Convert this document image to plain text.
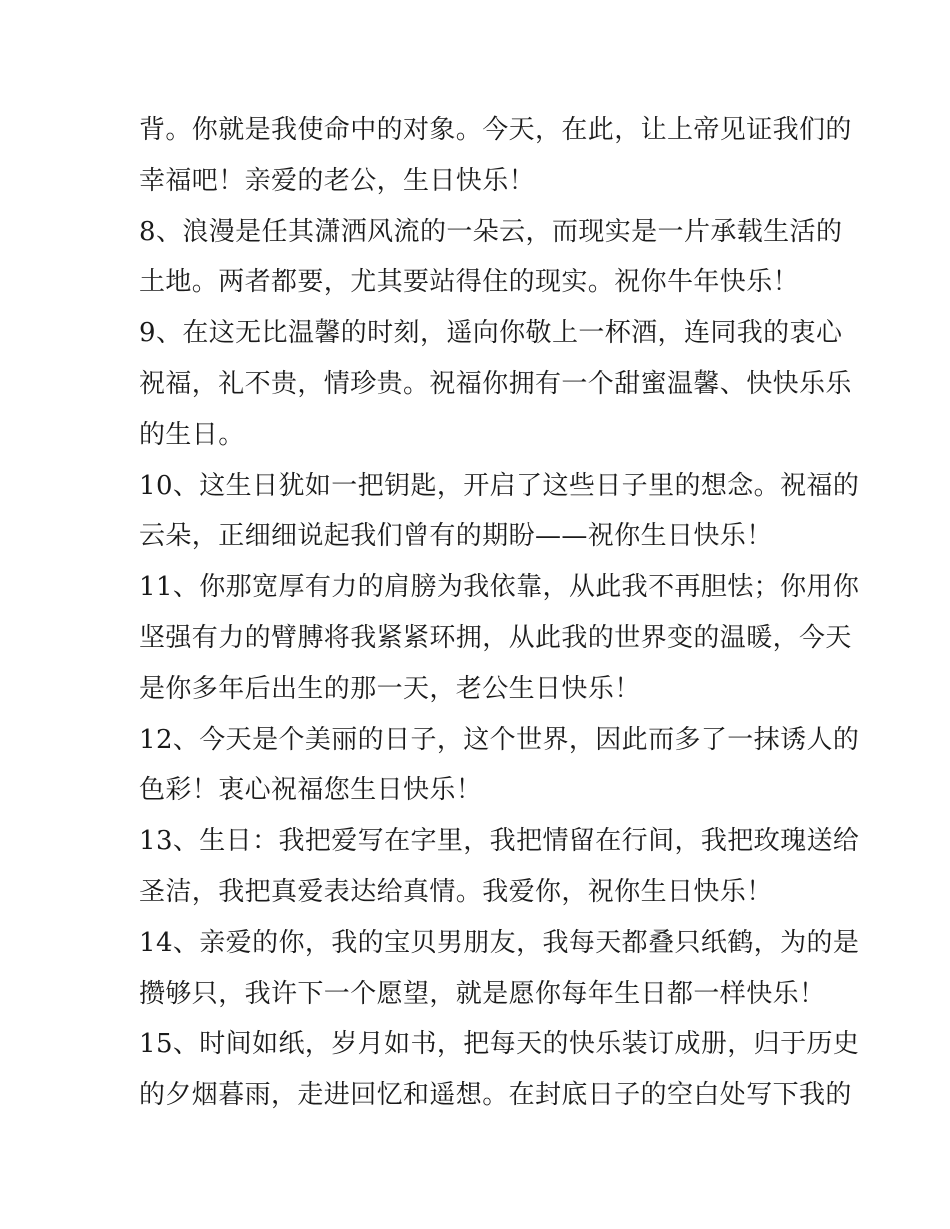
背。你就是我使命中的对象。今天，在此，让上帝见证我们的
幸福吧！亲爱的老公，生日快乐！
8、浪漫是任其潇洒风流的一朵云，而现实是一片承载生活的
土地。两者都要，尤其要站得住的现实。祝你牛年快乐！
9、在这无比温馨的时刻，遥向你敬上一杯酒，连同我的衷心
祝福，礼不贵，情珍贵。祝福你拥有一个甜蜜温馨、快快乐乐
的生日。
10、这生日犹如一把钥匙，开启了这些日子里的想念。祝福的
云朵，正细细说起我们曾有的期盼——祝你生日快乐！
11、你那宽厚有力的肩膀为我依靠，从此我不再胆怯；你用你
坚强有力的臂膊将我紧紧环拥，从此我的世界变的温暖，今天
是你多年后出生的那一天，老公生日快乐！
12、今天是个美丽的日子，这个世界，因此而多了一抹诱人的
色彩！衷心祝福您生日快乐！
13、生日：我把爱写在字里，我把情留在行间，我把玫瑰送给
圣洁，我把真爱表达给真情。我爱你，祝你生日快乐！
14、亲爱的你，我的宝贝男朋友，我每天都叠只纸鹤，为的是
攒够只，我许下一个愿望，就是愿你每年生日都一样快乐！
15、时间如纸，岁月如书，把每天的快乐装订成册，归于历史
的夕烟暮雨，走进回忆和遥想。在封底日子的空白处写下我的
